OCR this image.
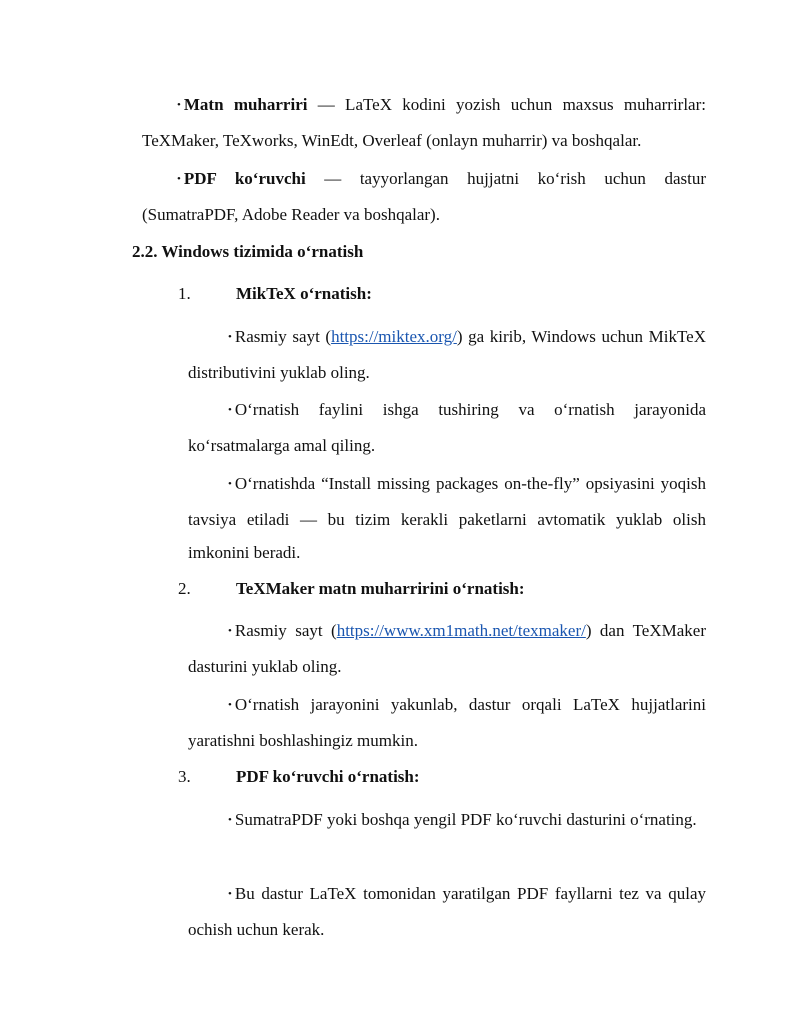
• Matn muharriri — LaTeX kodini yozish uchun maxsus muharrirlar: TeXMaker, TeXworks, WinEdt, Overleaf (onlayn muharrir) va boshqalar.

• PDF ko‘ruvchi — tayyorlangan hujjatni ko‘rish uchun dastur (SumatraPDF, Adobe Reader va boshqalar).

2.2. Windows tizimida o‘rnatish

1.	MikTeX o‘rnatish:

• Rasmiy sayt (https://miktex.org/) ga kirib, Windows uchun MikTeX distributivini yuklab oling.

• O‘rnatish faylini ishga tushiring va o‘rnatish jarayonida ko‘rsatmalarga amal qiling.

• O‘rnatishda “Install missing packages on-the-fly” opsiyasini yoqish tavsiya etiladi — bu tizim kerakli paketlarni avtomatik yuklab olish imkonini beradi.

2.	TeXMaker matn muharririni o‘rnatish:

• Rasmiy sayt (https://www.xm1math.net/texmaker/) dan TeXMaker dasturini yuklab oling.

• O‘rnatish jarayonini yakunlab, dastur orqali LaTeX hujjatlarini yaratishni boshlashingiz mumkin.

3.	PDF ko‘ruvchi o‘rnatish:

• SumatraPDF yoki boshqa yengil PDF ko‘ruvchi dasturini o‘rnating.

• Bu dastur LaTeX tomonidan yaratilgan PDF fayllarni tez va qulay ochish uchun kerak.
